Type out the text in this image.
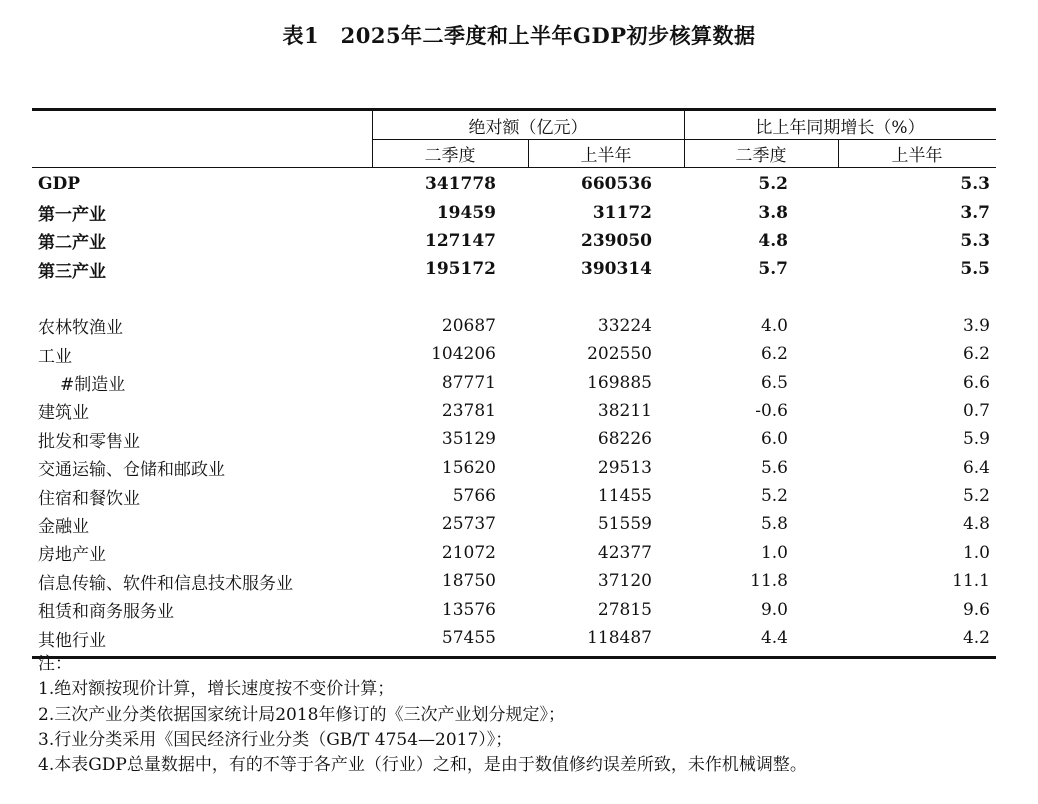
表1　2025年二季度和上半年GDP初步核算数据
绝对额（亿元）	比上年同期增长（%）
二季度	上半年	二季度	上半年
GDP	341778	660536	5.2	5.3
第一产业	19459	31172	3.8	3.7
第二产业	127147	239050	4.8	5.3
第三产业	195172	390314	5.7	5.5
农林牧渔业	20687	33224	4.0	3.9
工业	104206	202550	6.2	6.2
#制造业	87771	169885	6.5	6.6
建筑业	23781	38211	-0.6	0.7
批发和零售业	35129	68226	6.0	5.9
交通运输、仓储和邮政业	15620	29513	5.6	6.4
住宿和餐饮业	5766	11455	5.2	5.2
金融业	25737	51559	5.8	4.8
房地产业	21072	42377	1.0	1.0
信息传输、软件和信息技术服务业	18750	37120	11.8	11.1
租赁和商务服务业	13576	27815	9.0	9.6
其他行业	57455	118487	4.4	4.2
注：
1.绝对额按现价计算，增长速度按不变价计算；
2.三次产业分类依据国家统计局2018年修订的《三次产业划分规定》；
3.行业分类采用《国民经济行业分类（GB/T 4754—2017）》；
4.本表GDP总量数据中，有的不等于各产业（行业）之和，是由于数值修约误差所致，未作机械调整。
